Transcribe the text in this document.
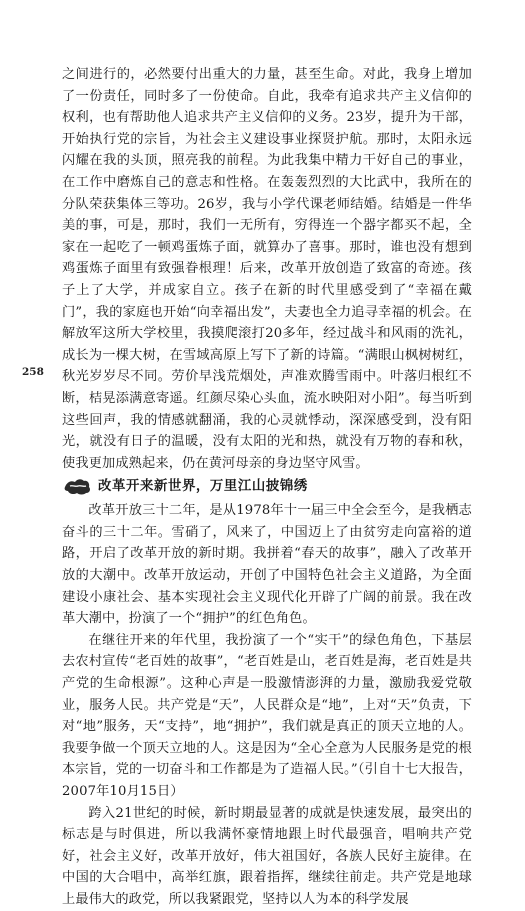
之间进行的，必然要付出重大的力量，甚至生命。对此，我身上增加了一份责任，同时多了一份使命。自此，我牵有追求共产主义信仰的权利，也有帮助他人追求共产主义信仰的义务。23岁，提升为干部，开始执行党的宗旨，为社会主义建设事业探贤护航。那时，太阳永远闪耀在我的头顶，照亮我的前程。为此我集中精力干好自己的事业，在工作中磨炼自己的意志和性格。在轰轰烈烈的大比武中，我所在的分队荣获集体三等功。26岁，我与小学代课老师结婚。结婚是一件华美的事，可是，那时，我们一无所有，穷得连一个器字都买不起，全家在一起吃了一顿鸡蛋炼子面，就算办了喜事。那时，谁也没有想到鸡蛋炼子面里有致强眷根理！后来，改革开放创造了致富的奇迹。孩子上了大学，并成家自立。孩子在新的时代里感受到了“幸福在戴门”，我的家庭也开始“向幸福出发”，夫妻也全力追寻幸福的机会。在解放军这所大学校里，我摸爬滚打20多年，经过战斗和风雨的洗礼，成长为一棵大树，在雪域高原上写下了新的诗篇。“满眼山枫树树红，秋光岁岁尽不同。劳价早浅荒烟处，声准欢腾雪雨中。叶落归根红不断，桔晃添满意寄遥。红颜尽染心头血，流水映阳对小阳”。每当听到这些回声，我的情感就翻涌，我的心灵就悸动，深深感受到，没有阳光，就没有日子的温暖，没有太阳的光和热，就没有万物的春和秋，使我更加成熟起来，仍在黄河母亲的身边坚守风雪。

改革开来新世界，万里江山披锦绣

改革开放三十二年，是从1978年十一届三中全会至今，是我栖志奋斗的三十二年。雪硝了，风来了，中国迈上了由贫穷走向富裕的道路，开启了改革开放的新时期。我拼着“春天的故事”，融入了改革开放的大潮中。改革开放运动，开创了中国特色社会主义道路，为全面建设小康社会、基本实现社会主义现代化开辟了广阔的前景。我在改革大潮中，扮演了一个“拥护”的红色角色。

在继往开来的年代里，我扮演了一个“实干”的绿色角色，下基层去农村宣传“老百姓的故事”，“老百姓是山，老百姓是海，老百姓是共产党的生命根源”。这种心声是一股激情澎湃的力量，激励我爱党敬业，服务人民。共产党是“天”，人民群众是“地”，上对“天”负责，下对“地”服务，天“支持”，地“拥护”，我们就是真正的顶天立地的人。我要争做一个顶天立地的人。这是因为“全心全意为人民服务是党的根本宗旨，党的一切奋斗和工作都是为了造福人民。”（引自十七大报告，2007年10月15日）

跨入21世纪的时候，新时期最显著的成就是快速发展，最突出的标志是与时俱进，所以我满怀豪情地跟上时代最强音，唱响共产党好，社会主义好，改革开放好，伟大祖国好，各族人民好主旋律。在中国的大合唱中，高举红旗，跟着指挥，继续往前走。共产党是地球上最伟大的政党，所以我紧跟党，坚持以人为本的科学发展

258
